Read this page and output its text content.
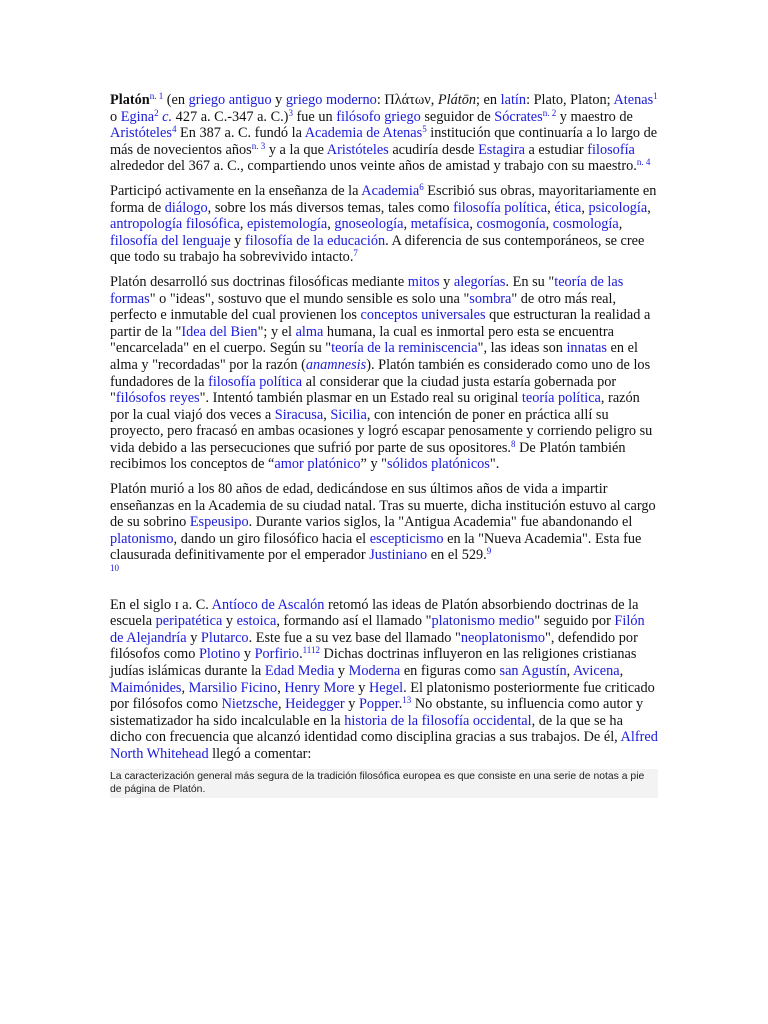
Platón$^{n. 1}$ (en griego antiguo y griego moderno: Πλάτων, Plátōn; en latín: Plato, Platon; Atenas$^1$ o Egina$^2$ c. 427 a. C.-347 a. C.)$^3$ fue un filósofo griego seguidor de Sócrates$^{n. 2}$ y maestro de Aristóteles$^4$ En 387 a. C. fundó la Academia de Atenas$^5$ institución que continuaría a lo largo de más de novecientos años$^{n. 3}$ y a la que Aristóteles acudiría desde Estagira a estudiar filosofía alrededor del 367 a. C., compartiendo unos veinte años de amistad y trabajo con su maestro.$^{n. 4}$

Participó activamente en la enseñanza de la Academia$^6$ Escribió sus obras, mayoritariamente en forma de diálogo, sobre los más diversos temas, tales como filosofía política, ética, psicología, antropología filosófica, epistemología, gnoseología, metafísica, cosmogonía, cosmología, filosofía del lenguaje y filosofía de la educación. A diferencia de sus contemporáneos, se cree que todo su trabajo ha sobrevivido intacto.$^7$

Platón desarrolló sus doctrinas filosóficas mediante mitos y alegorías. En su "teoría de las formas" o "ideas", sostuvo que el mundo sensible es solo una "sombra" de otro más real, perfecto e inmutable del cual provienen los conceptos universales que estructuran la realidad a partir de la "Idea del Bien"; y el alma humana, la cual es inmortal pero esta se encuentra "encarcelada" en el cuerpo. Según su "teoría de la reminiscencia", las ideas son innatas en el alma y "recordadas" por la razón (anamnesis). Platón también es considerado como uno de los fundadores de la filosofía política al considerar que la ciudad justa estaría gobernada por "filósofos reyes". Intentó también plasmar en un Estado real su original teoría política, razón por la cual viajó dos veces a Siracusa, Sicilia, con intención de poner en práctica allí su proyecto, pero fracasó en ambas ocasiones y logró escapar penosamente y corriendo peligro su vida debido a las persecuciones que sufrió por parte de sus opositores.$^8$ De Platón también recibimos los conceptos de “amor platónico” y "sólidos platónicos".

Platón murió a los 80 años de edad, dedicándose en sus últimos años de vida a impartir enseñanzas en la Academia de su ciudad natal. Tras su muerte, dicha institución estuvo al cargo de su sobrino Espeusipo. Durante varios siglos, la "Antigua Academia" fue abandonando el platonismo, dando un giro filosófico hacia el escepticismo en la "Nueva Academia". Esta fue clausurada definitivamente por el emperador Justiniano en el 529.$^9$
$^{10}$

En el siglo ɪ a. C. Antíoco de Ascalón retomó las ideas de Platón absorbiendo doctrinas de la escuela peripatética y estoica, formando así el llamado "platonismo medio" seguido por Filón de Alejandría y Plutarco. Este fue a su vez base del llamado "neoplatonismo", defendido por filósofos como Plotino y Porfirio.$^{1112}$ Dichas doctrinas influyeron en las religiones cristianas judías islámicas durante la Edad Media y Moderna en figuras como san Agustín, Avicena, Maimónides, Marsilio Ficino, Henry More y Hegel. El platonismo posteriormente fue criticado por filósofos como Nietzsche, Heidegger y Popper.$^{13}$ No obstante, su influencia como autor y sistematizador ha sido incalculable en la historia de la filosofía occidental, de la que se ha dicho con frecuencia que alcanzó identidad como disciplina gracias a sus trabajos. De él, Alfred North Whitehead llegó a comentar:

La caracterización general más segura de la tradición filosófica europea es que consiste en una serie de notas a pie de página de Platón.
